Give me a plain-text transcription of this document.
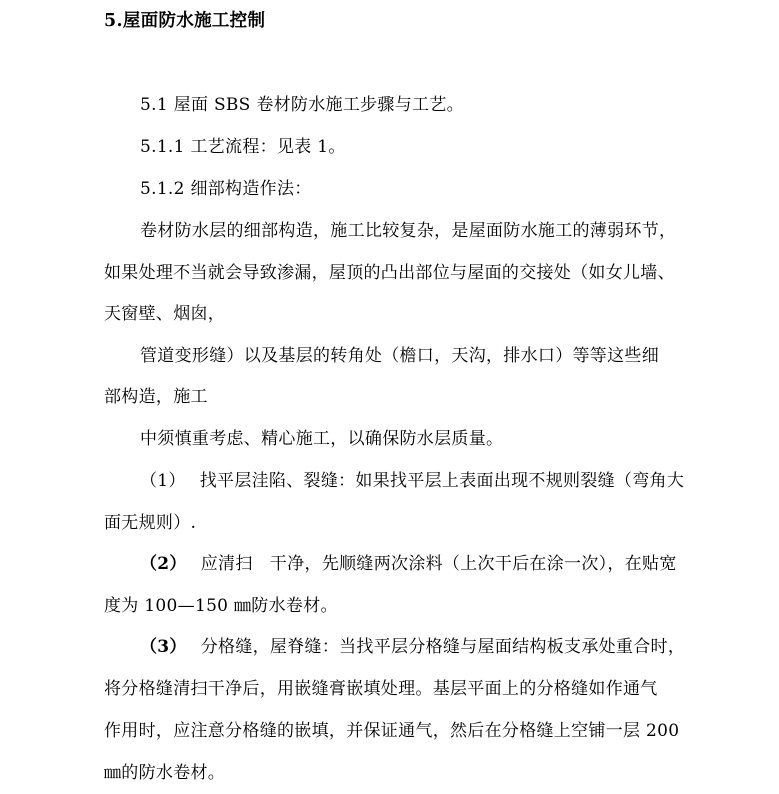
5.屋面防水施工控制
5.1 屋面 SBS 卷材防水施工步骤与工艺。
5.1.1 工艺流程：见表 1。
5.1.2 细部构造作法：
卷材防水层的细部构造，施工比较复杂，是屋面防水施工的薄弱环节，
如果处理不当就会导致渗漏，屋顶的凸出部位与屋面的交接处（如女儿墙、
天窗壁、烟囱，
管道变形缝）以及基层的转角处（檐口，天沟，排水口）等等这些细
部构造，施工
中须慎重考虑、精心施工，以确保防水层质量。
（1） 找平层洼陷、裂缝：如果找平层上表面出现不规则裂缝（弯角大
面无规则）.
（2） 应清扫　干净，先顺缝两次涂料（上次干后在涂一次），在贴宽
度为 100—150 ㎜防水卷材。
（3） 分格缝，屋脊缝：当找平层分格缝与屋面结构板支承处重合时，
将分格缝清扫干净后，用嵌缝膏嵌填处理。基层平面上的分格缝如作通气
作用时，应注意分格缝的嵌填，并保证通气，然后在分格缝上空铺一层 200
㎜的防水卷材。
